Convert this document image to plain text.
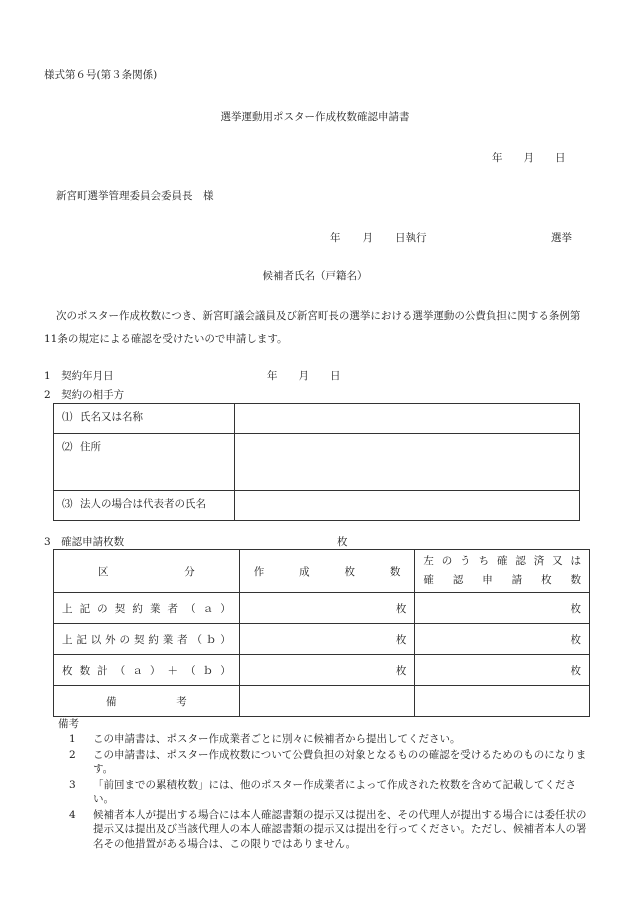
様式第６号(第３条関係)
選挙運動用ポスター作成枚数確認申請書
年　　月　　日
新宮町選挙管理委員会委員長　様
年 月 日執行	選挙
候補者氏名（戸籍名）
次のポスター作成枚数につき、新宮町議会議員及び新宮町長の選挙における選挙運動の公費負担に関する条例第11条の規定による確認を受けたいので申請します。
1　契約年月日	年　　月　　日
2　契約の相手方
⑴ 氏名又は名称	
⑵ 住所	
⑶ 法人の場合は代表者の氏名	
3　確認申請枚数	枚
区分	作成枚数	左のうち確認済又は
確認申請枚数

上記の契約業者（ａ）	枚	枚

上記以外の契約業者（ｂ）	枚	枚

枚数計（ａ）＋（ｂ）	枚	枚

備考		

備考
1	この申請書は、ポスター作成業者ごとに別々に候補者から提出してください。
2	この申請書は、ポスター作成枚数について公費負担の対象となるものの確認を受けるためのものになります。
3	「前回までの累積枚数」には、他のポスター作成業者によって作成された枚数を含めて記載してください。
4	候補者本人が提出する場合には本人確認書類の提示又は提出を、その代理人が提出する場合には委任状の提示又は提出及び当該代理人の本人確認書類の提示又は提出を行ってください。ただし、候補者本人の署名その他措置がある場合は、この限りではありません。
